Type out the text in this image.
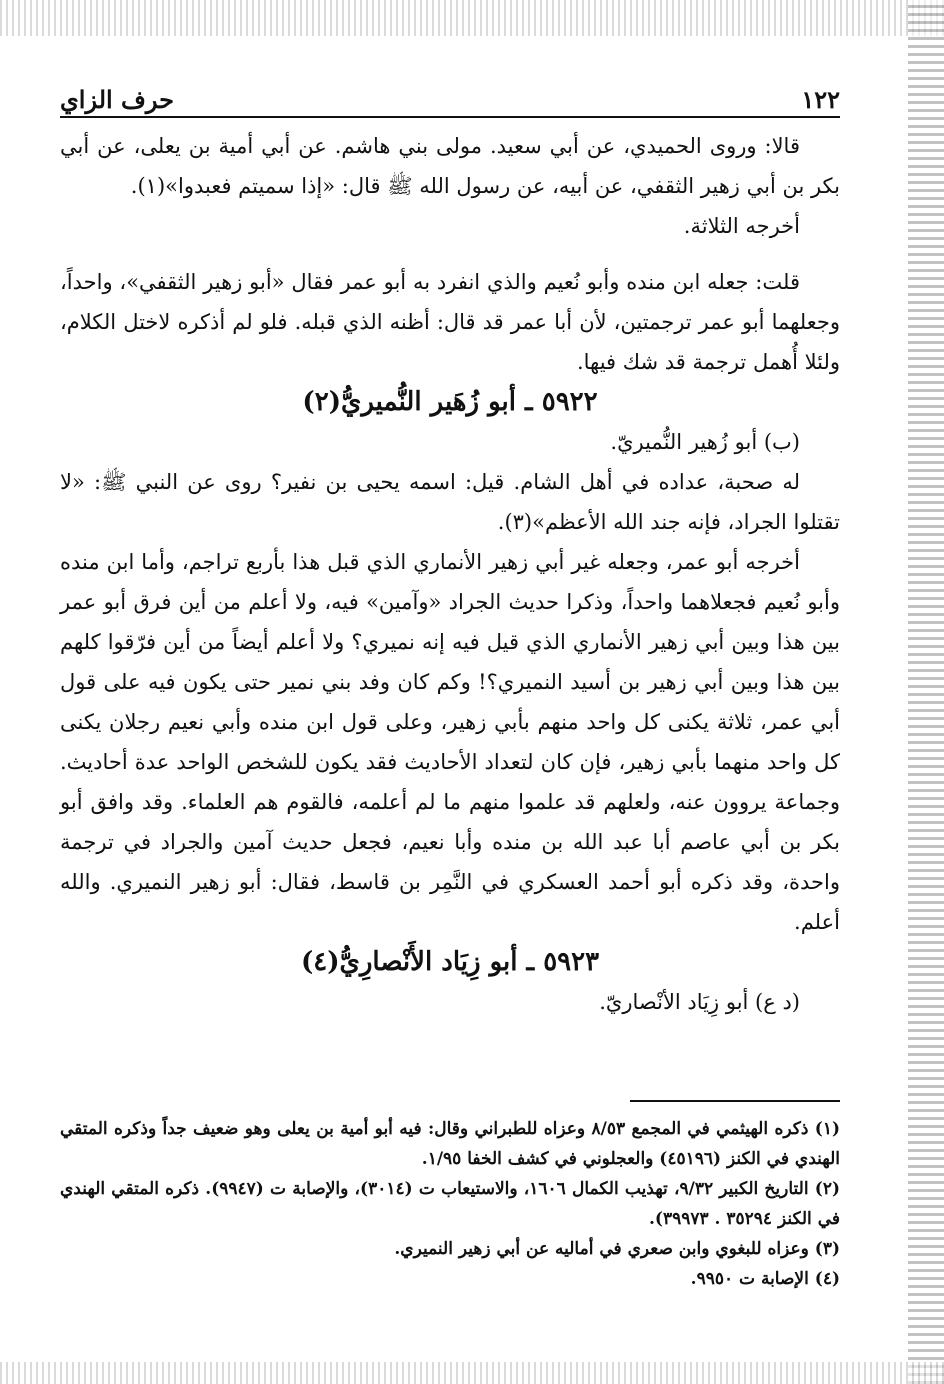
١٢٢
حرف الزاي

قالا: وروى الحميدي، عن أبي سعيد. مولى بني هاشم. عن أبي أمية بن يعلى، عن أبي بكر بن أبي زهير الثقفي، عن أبيه، عن رسول الله ﷺ قال: «إذا سميتم فعبدوا»(١).

أخرجه الثلاثة.

قلت: جعله ابن منده وأبو نُعيم والذي انفرد به أبو عمر فقال «أبو زهير الثقفي»، واحداً، وجعلهما أبو عمر ترجمتين، لأن أبا عمر قد قال: أظنه الذي قبله. فلو لم أذكره لاختل الكلام، ولئلا أُهمل ترجمة قد شك فيها.

٥٩٢٢ ـ أبو زُهَير النُّميريُّ(٢)

(ب) أبو زُهير النُّميريّ.

له صحبة، عداده في أهل الشام. قيل: اسمه يحيى بن نفير؟ روى عن النبي ﷺ: «لا تقتلوا الجراد، فإنه جند الله الأعظم»(٣).

أخرجه أبو عمر، وجعله غير أبي زهير الأنماري الذي قبل هذا بأربع تراجم، وأما ابن منده وأبو نُعيم فجعلاهما واحداً، وذكرا حديث الجراد «وآمين» فيه، ولا أعلم من أين فرق أبو عمر بين هذا وبين أبي زهير الأنماري الذي قيل فيه إنه نميري؟ ولا أعلم أيضاً من أين فرّقوا كلهم بين هذا وبين أبي زهير بن أسيد النميري؟! وكم كان وفد بني نمير حتى يكون فيه على قول أبي عمر، ثلاثة يكنى كل واحد منهم بأبي زهير، وعلى قول ابن منده وأبي نعيم رجلان يكنى كل واحد منهما بأبي زهير، فإن كان لتعداد الأحاديث فقد يكون للشخص الواحد عدة أحاديث. وجماعة يروون عنه، ولعلهم قد علموا منهم ما لم أعلمه، فالقوم هم العلماء. وقد وافق أبو بكر بن أبي عاصم أبا عبد الله بن منده وأبا نعيم، فجعل حديث آمين والجراد في ترجمة واحدة، وقد ذكره أبو أحمد العسكري في النَّمِر بن قاسط، فقال: أبو زهير النميري. والله أعلم.

٥٩٢٣ ـ أبو زِيَاد الأَنْصارِيُّ(٤)

(د ع) أبو زِيَاد الأنْصاريّ.

(١) ذكره الهيثمي في المجمع ٨/٥٣ وعزاه للطبراني وقال: فيه أبو أمية بن يعلى وهو ضعيف جداً وذكره المتقي الهندي في الكنز (٤٥١٩٦) والعجلوني في كشف الخفا ١/٩٥.

(٢) التاريخ الكبير ٩/٣٢، تهذيب الكمال ١٦٠٦، والاستيعاب ت (٣٠١٤)، والإصابة ت (٩٩٤٧). ذكره المتقي الهندي في الكنز ٣٥٢٩٤ . ٣٩٩٧٣).

(٣) وعزاه للبغوي وابن صعري في أماليه عن أبي زهير النميري.

(٤) الإصابة ت ٩٩٥٠.
